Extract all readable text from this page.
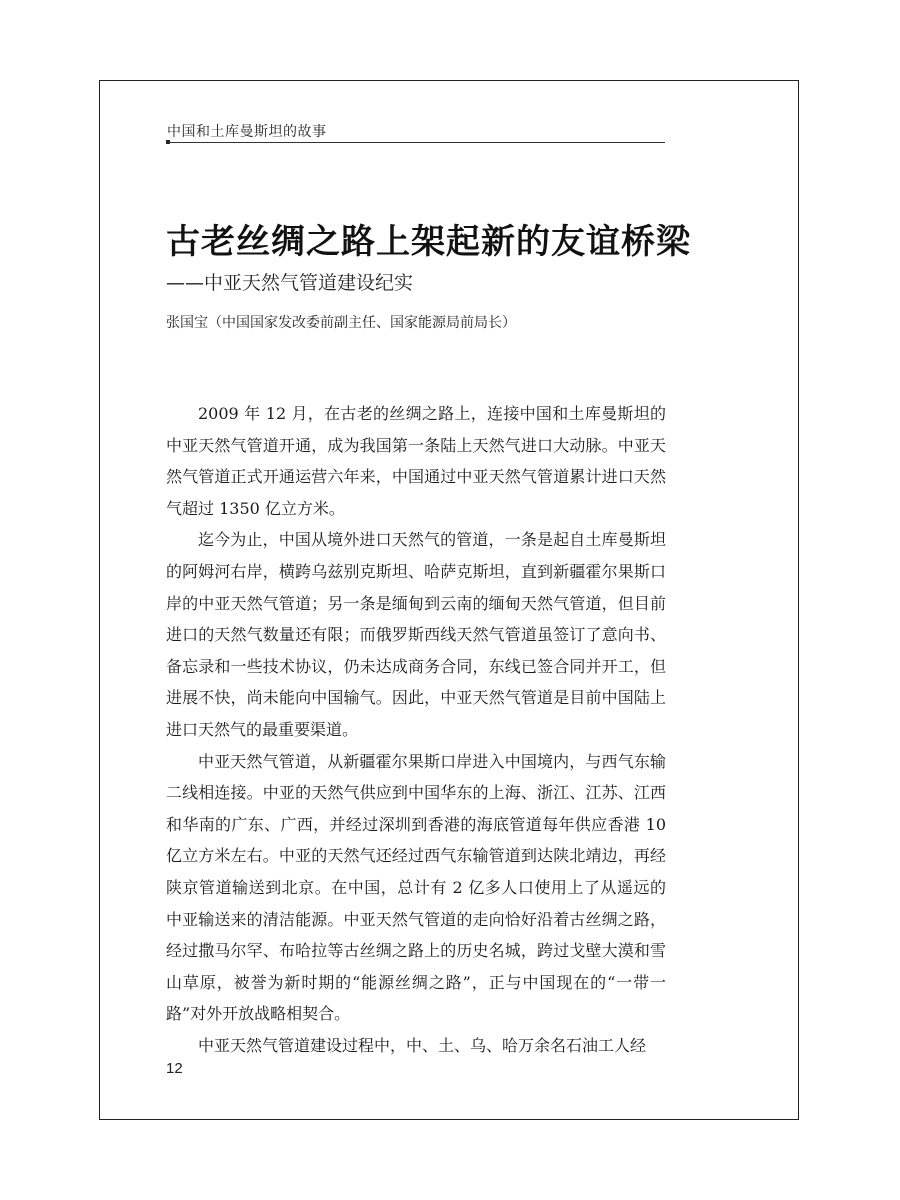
中国和土库曼斯坦的故事
古老丝绸之路上架起新的友谊桥梁
——中亚天然气管道建设纪实
张国宝（中国国家发改委前副主任、国家能源局前局长）

2009 年 12 月，在古老的丝绸之路上，连接中国和土库曼斯坦的中亚天然气管道开通，成为我国第一条陆上天然气进口大动脉。中亚天然气管道正式开通运营六年来，中国通过中亚天然气管道累计进口天然气超过 1350 亿立方米。

迄今为止，中国从境外进口天然气的管道，一条是起自土库曼斯坦的阿姆河右岸，横跨乌兹别克斯坦、哈萨克斯坦，直到新疆霍尔果斯口岸的中亚天然气管道；另一条是缅甸到云南的缅甸天然气管道，但目前进口的天然气数量还有限；而俄罗斯西线天然气管道虽签订了意向书、备忘录和一些技术协议，仍未达成商务合同，东线已签合同并开工，但进展不快，尚未能向中国输气。因此，中亚天然气管道是目前中国陆上进口天然气的最重要渠道。

中亚天然气管道，从新疆霍尔果斯口岸进入中国境内，与西气东输二线相连接。中亚的天然气供应到中国华东的上海、浙江、江苏、江西和华南的广东、广西，并经过深圳到香港的海底管道每年供应香港 10 亿立方米左右。中亚的天然气还经过西气东输管道到达陕北靖边，再经陕京管道输送到北京。在中国，总计有 2 亿多人口使用上了从遥远的中亚输送来的清洁能源。中亚天然气管道的走向恰好沿着古丝绸之路，经过撒马尔罕、布哈拉等古丝绸之路上的历史名城，跨过戈壁大漠和雪山草原，被誉为新时期的“能源丝绸之路”，正与中国现在的“一带一路”对外开放战略相契合。

中亚天然气管道建设过程中，中、土、乌、哈万余名石油工人经

12
